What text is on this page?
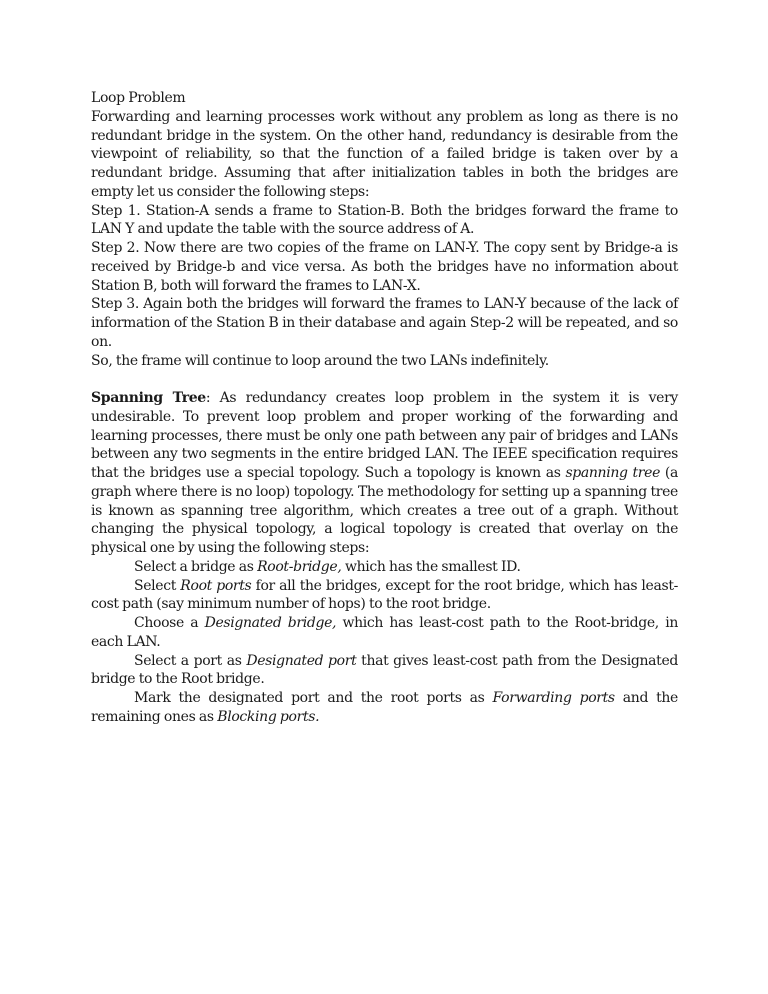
Loop Problem

Forwarding and learning processes work without any problem as long as there is no redundant bridge in the system. On the other hand, redundancy is desirable from the viewpoint of reliability, so that the function of a failed bridge is taken over by a redundant bridge. Assuming that after initialization tables in both the bridges are empty let us consider the following steps:

Step 1. Station-A sends a frame to Station-B. Both the bridges forward the frame to LAN Y and update the table with the source address of A.

Step 2. Now there are two copies of the frame on LAN-Y. The copy sent by Bridge-a is received by Bridge-b and vice versa. As both the bridges have no information about Station B, both will forward the frames to LAN-X.

Step 3. Again both the bridges will forward the frames to LAN-Y because of the lack of information of the Station B in their database and again Step-2 will be repeated, and so on.

So, the frame will continue to loop around the two LANs indefinitely.

Spanning Tree: As redundancy creates loop problem in the system it is very undesirable. To prevent loop problem and proper working of the forwarding and learning processes, there must be only one path between any pair of bridges and LANs between any two segments in the entire bridged LAN. The IEEE specification requires that the bridges use a special topology. Such a topology is known as spanning tree (a graph where there is no loop) topology. The methodology for setting up a spanning tree is known as spanning tree algorithm, which creates a tree out of a graph. Without changing the physical topology, a logical topology is created that overlay on the physical one by using the following steps:

Select a bridge as Root-bridge, which has the smallest ID.

Select Root ports for all the bridges, except for the root bridge, which has least-cost path (say minimum number of hops) to the root bridge.

Choose a Designated bridge, which has least-cost path to the Root-bridge, in each LAN.

Select a port as Designated port that gives least-cost path from the Designated bridge to the Root bridge.

Mark the designated port and the root ports as Forwarding ports and the remaining ones as Blocking ports.
